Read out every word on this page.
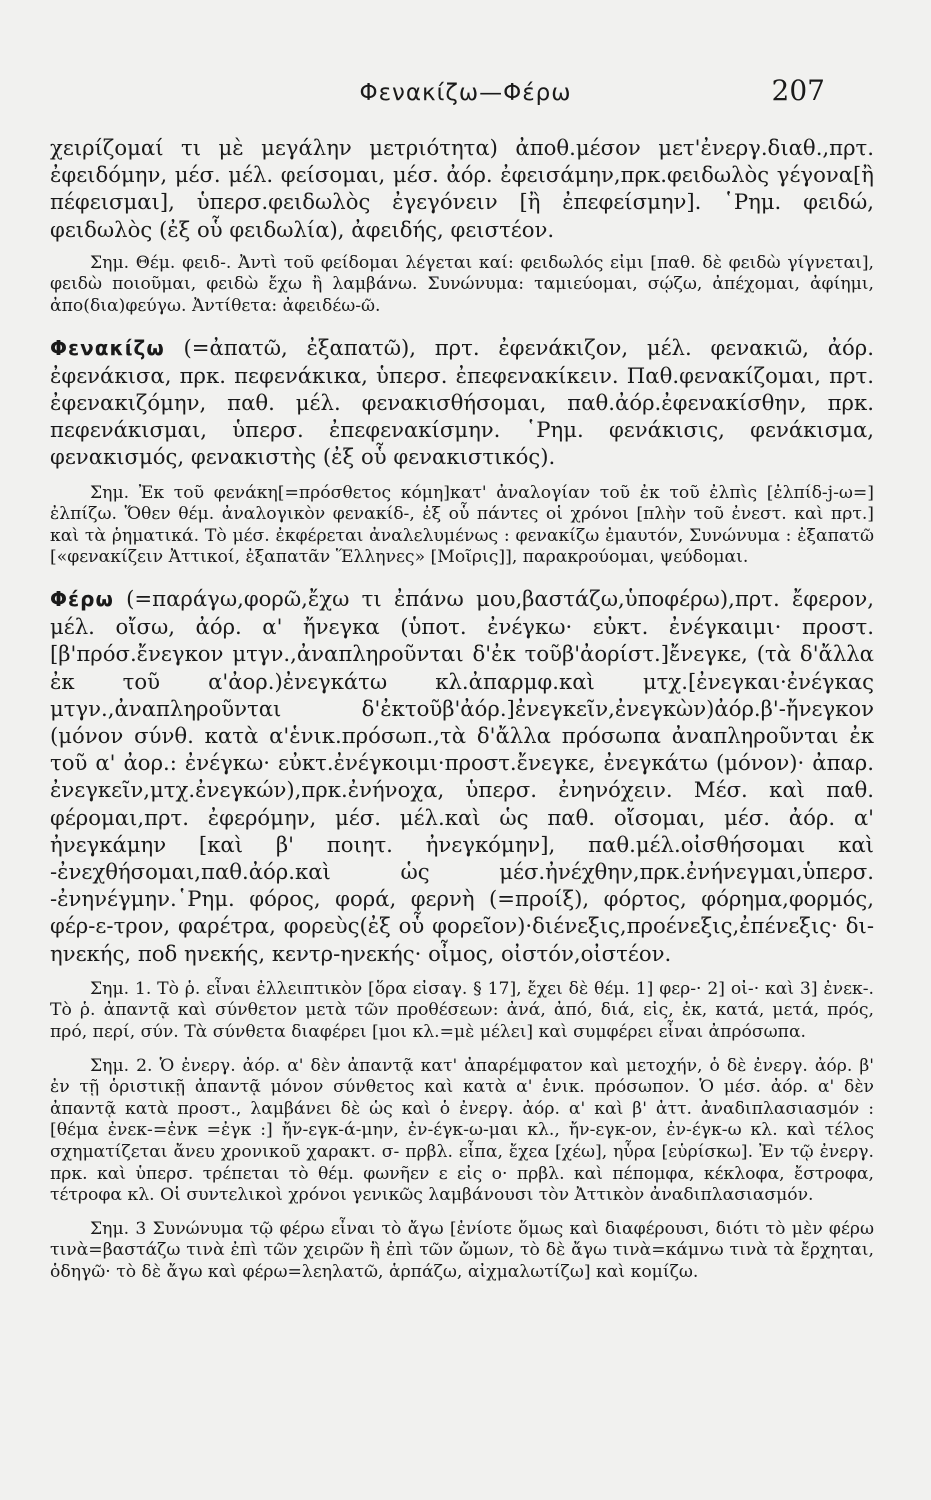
Φενακίζω—Φέρω	207

χειρίζομαί τι μὲ μεγάλην μετριότητα) ἀποθ.μέσον μετ'ἐνεργ.διαθ.,πρτ. ἐφειδόμην, μέσ. μέλ. φείσομαι, μέσ. ἀόρ. ἐφεισάμην,πρκ.φειδωλὸς γέγονα[ἢ πέφεισμαι], ὑπερσ.φειδωλὸς ἐγεγόνειν [ἢ ἐπεφείσμην]. ῾Ρημ. φειδώ, φειδωλὸς (ἐξ οὗ φειδωλία), ἀφειδής, φειστέον.

Σημ. Θέμ. φειδ-. Ἀντὶ τοῦ φείδομαι λέγεται καί: φειδωλός εἰμι [παθ. δὲ φειδὼ γίγνεται], φειδὼ ποιοῦμαι, φειδὼ ἔχω ἢ λαμβάνω. Συνώνυμα: ταμιεύομαι, σῴζω, ἀπέχομαι, ἀφίημι, ἀπο(δια)φεύγω. Ἀντίθετα: ἀφειδέω-ῶ.

Φενακίζω (=ἀπατῶ, ἐξαπατῶ), πρτ. ἐφενάκιζον, μέλ. φενακιῶ, ἀόρ. ἐφενάκισα, πρκ. πεφενάκικα, ὑπερσ. ἐπεφενακίκειν. Παθ.φενακίζομαι, πρτ. ἐφενακιζόμην, παθ. μέλ. φενακισθήσομαι, παθ.ἀόρ.ἐφενακίσθην, πρκ. πεφενάκισμαι, ὑπερσ. ἐπεφενακίσμην. ῾Ρημ. φενάκισις, φενάκισμα, φενακισμός, φενακιστὴς (ἐξ οὗ φενακιστικός).

Σημ. Ἐκ τοῦ φενάκη[=πρόσθετος κόμη]κατ' ἀναλογίαν τοῦ ἐκ τοῦ ἐλπὶς [ἐλπίδ-j-ω=] ἐλπίζω. Ὅθεν θέμ. ἀναλογικὸν φενακίδ-, ἐξ οὗ πάντες οἱ χρόνοι [πλὴν τοῦ ἐνεστ. καὶ πρτ.] καὶ τὰ ῥηματικά. Τὸ μέσ. ἐκφέρεται ἀναλελυμένως : φενακίζω ἐμαυτόν, Συνώνυμα : ἐξαπατῶ [«φενακίζειν Ἀττικοί, ἐξαπατᾶν Ἕλληνες» [Μοῖρις]], παρακρούομαι, ψεύδομαι.

Φέρω (=παράγω,φορῶ,ἔχω τι ἐπάνω μου,βαστάζω,ὑποφέρω),πρτ. ἔφερον, μέλ. οἴσω, ἀόρ. α' ἤνεγκα (ὑποτ. ἐνέγκω· εὐκτ. ἐνέγκαιμι· προστ. [β'πρόσ.ἔνεγκον μτγν.,ἀναπληροῦνται δ'ἐκ τοῦβ'ἀορίστ.]ἔνεγκε, (τὰ δ'ἄλλα ἐκ τοῦ α'ἀορ.)ἐνεγκάτω κλ.ἀπαρμφ.καὶ μτχ.[ἐνεγκαι·ἐνέγκας μτγν.,ἀναπληροῦνται δ'ἐκτοῦβ'ἀόρ.]ἐνεγκεῖν,ἐνεγκὼν)ἀόρ.β'-ἤνεγκον (μόνον σύνθ. κατὰ α'ἑνικ.πρόσωπ.,τὰ δ'ἄλλα πρόσωπα ἀναπληροῦνται ἐκ τοῦ α' ἀορ.: ἐνέγκω· εὐκτ.ἐνέγκοιμι·προστ.ἔνεγκε, ἐνεγκάτω (μόνον)· ἀπαρ. ἐνεγκεῖν,μτχ.ἐνεγκών),πρκ.ἐνήνοχα, ὑπερσ. ἐνηνόχειν. Μέσ. καὶ παθ. φέρομαι,πρτ. ἐφερόμην, μέσ. μέλ.καὶ ὡς παθ. οἴσομαι, μέσ. ἀόρ. α' ἠνεγκάμην [καὶ β' ποιητ. ἠνεγκόμην], παθ.μέλ.οἰσθήσομαι καὶ -ἐνεχθήσομαι,παθ.ἀόρ.καὶ ὡς μέσ.ἠνέχθην,πρκ.ἐνήνεγμαι,ὑπερσ. -ἐνηνέγμην.῾Ρημ. φόρος, φορά, φερνὴ (=προίξ), φόρτος, φόρημα,φορμός, φέρ-ε-τρον, φαρέτρα, φορεὺς(ἐξ οὗ φορεῖον)·διένεξις,προένεξις,ἐπένεξις· δι-ηνεκής, ποδ ηνεκής, κεντρ-ηνεκής· οἶμος, οἰστόν,οἰστέον.

Σημ. 1. Τὸ ῥ. εἶναι ἐλλειπτικὸν [ὅρα εἰσαγ. § 17], ἔχει δὲ θέμ. 1] φερ-· 2] οἰ-· καὶ 3] ἐνεκ-. Τὸ ῥ. ἀπαντᾷ καὶ σύνθετον μετὰ τῶν προθέσεων: ἀνά, ἀπό, διά, εἰς, ἐκ, κατά, μετά, πρός, πρό, περί, σύν. Τὰ σύνθετα διαφέρει [μοι κλ.=μὲ μέλει] καὶ συμφέρει εἶναι ἀπρόσωπα.

Σημ. 2. Ὁ ἐνεργ. ἀόρ. α' δὲν ἀπαντᾷ κατ' ἀπαρέμφατον καὶ μετοχήν, ὁ δὲ ἐνεργ. ἀόρ. β' ἐν τῇ ὁριστικῇ ἀπαντᾷ μόνον σύνθετος καὶ κατὰ α' ἑνικ. πρόσωπον. Ὁ μέσ. ἀόρ. α' δὲν ἀπαντᾷ κατὰ προστ., λαμβάνει δὲ ὡς καὶ ὁ ἐνεργ. ἀόρ. α' καὶ β' ἀττ. ἀναδιπλασιασμόν : [θέμα ἐνεκ-=ἐνκ =ἐγκ :] ἤν-εγκ-ά-μην, ἐν-έγκ-ω-μαι κλ., ἤν-εγκ-ον, ἐν-έγκ-ω κλ. καὶ τέλος σχηματίζεται ἄνευ χρονικοῦ χαρακτ. σ- πρβλ. εἶπα, ἔχεα [χέω], ηὗρα [εὑρίσκω]. Ἐν τῷ ἐνεργ. πρκ. καὶ ὑπερσ. τρέπεται τὸ θέμ. φωνῆεν ε εἰς ο· πρβλ. καὶ πέπομφα, κέκλοφα, ἔστροφα, τέτροφα κλ. Οἱ συντελικοὶ χρόνοι γενικῶς λαμβάνουσι τὸν Ἀττικὸν ἀναδιπλασιασμόν.

Σημ. 3 Συνώνυμα τῷ φέρω εἶναι τὸ ἄγω [ἐνίοτε ὅμως καὶ διαφέρουσι, διότι τὸ μὲν φέρω τινὰ=βαστάζω τινὰ ἐπὶ τῶν χειρῶν ἢ ἐπὶ τῶν ὤμων, τὸ δὲ ἄγω τινὰ=κάμνω τινὰ τὰ ἔρχηται, ὁδηγῶ· τὸ δὲ ἄγω καὶ φέρω=λεηλατῶ, ἁρπάζω, αἰχμαλωτίζω] καὶ κομίζω.
